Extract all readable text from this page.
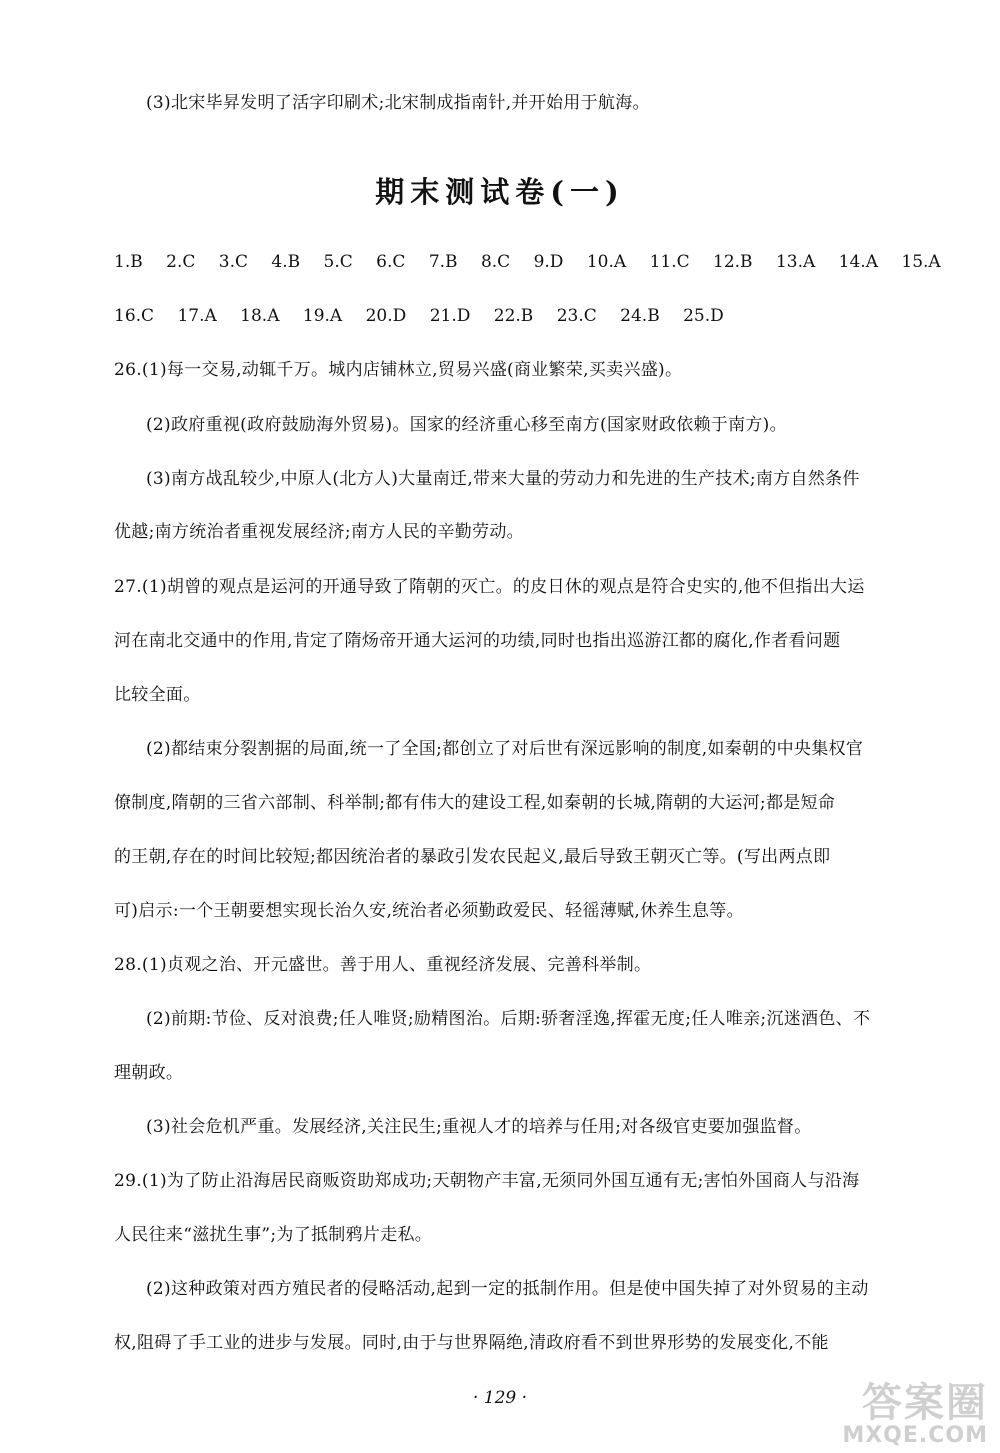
(3)北宋毕昇发明了活字印刷术;北宋制成指南针,并开始用于航海。
期末测试卷(一)
1.B 2.C 3.C 4.B 5.C 6.C 7.B 8.C 9.D 10.A 11.C 12.B 13.A 14.A 15.A
16.C 17.A 18.A 19.A 20.D 21.D 22.B 23.C 24.B 25.D
26.(1)每一交易,动辄千万。城内店铺林立,贸易兴盛(商业繁荣,买卖兴盛)。
(2)政府重视(政府鼓励海外贸易)。国家的经济重心移至南方(国家财政依赖于南方)。
(3)南方战乱较少,中原人(北方人)大量南迁,带来大量的劳动力和先进的生产技术;南方自然条件
优越;南方统治者重视发展经济;南方人民的辛勤劳动。
27.(1)胡曾的观点是运河的开通导致了隋朝的灭亡。的皮日休的观点是符合史实的,他不但指出大运
河在南北交通中的作用,肯定了隋炀帝开通大运河的功绩,同时也指出巡游江都的腐化,作者看问题
比较全面。
(2)都结束分裂割据的局面,统一了全国;都创立了对后世有深远影响的制度,如秦朝的中央集权官
僚制度,隋朝的三省六部制、科举制;都有伟大的建设工程,如秦朝的长城,隋朝的大运河;都是短命
的王朝,存在的时间比较短;都因统治者的暴政引发农民起义,最后导致王朝灭亡等。(写出两点即
可)启示:一个王朝要想实现长治久安,统治者必须勤政爱民、轻徭薄赋,休养生息等。
28.(1)贞观之治、开元盛世。善于用人、重视经济发展、完善科举制。
(2)前期:节俭、反对浪费;任人唯贤;励精图治。后期:骄奢淫逸,挥霍无度;任人唯亲;沉迷酒色、不
理朝政。
(3)社会危机严重。发展经济,关注民生;重视人才的培养与任用;对各级官吏要加强监督。
29.(1)为了防止沿海居民商贩资助郑成功;天朝物产丰富,无须同外国互通有无;害怕外国商人与沿海
人民往来“滋扰生事”;为了抵制鸦片走私。
(2)这种政策对西方殖民者的侵略活动,起到一定的抵制作用。但是使中国失掉了对外贸易的主动
权,阻碍了手工业的进步与发展。同时,由于与世界隔绝,清政府看不到世界形势的发展变化,不能
· 129 ·	答案圈
MXQE.COM
